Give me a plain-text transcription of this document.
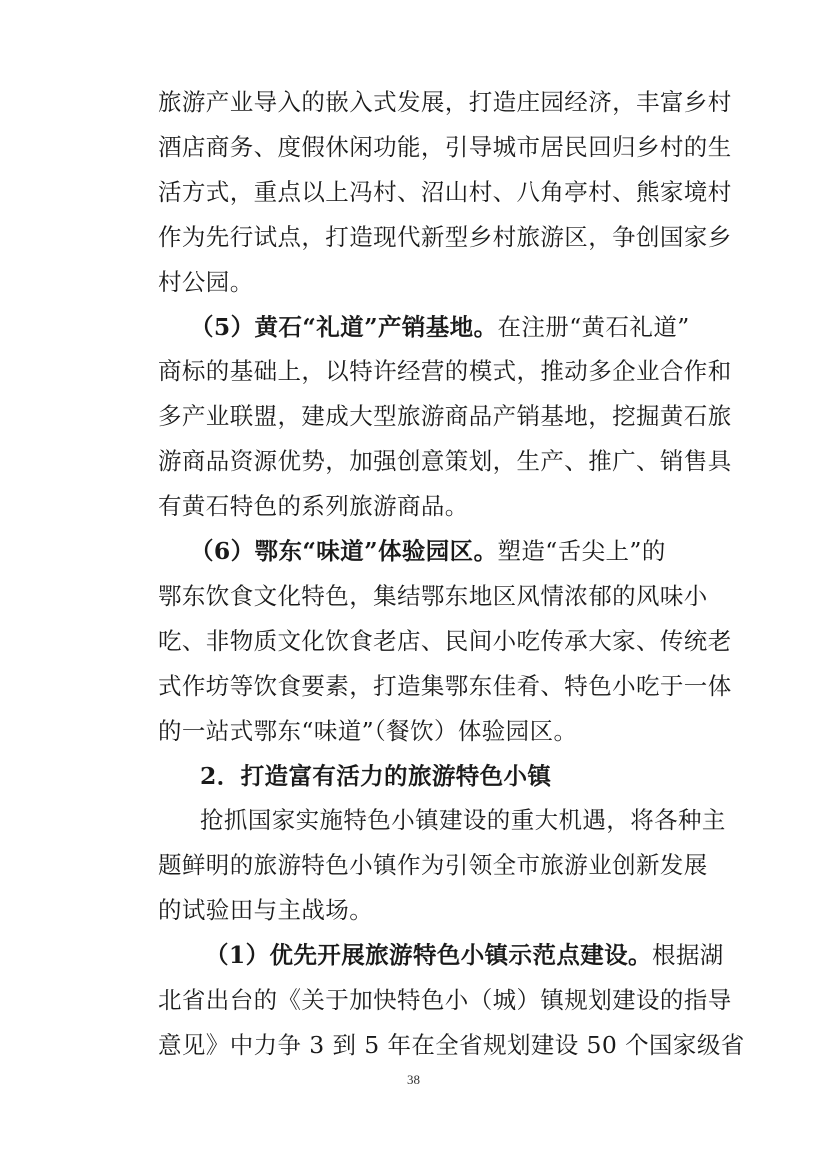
旅游产业导入的嵌入式发展，打造庄园经济，丰富乡村
酒店商务、度假休闲功能，引导城市居民回归乡村的生
活方式，重点以上冯村、沼山村、八角亭村、熊家境村
作为先行试点，打造现代新型乡村旅游区，争创国家乡
村公园。
（5）黄石“礼道”产销基地。在注册“黄石礼道”
商标的基础上，以特许经营的模式，推动多企业合作和
多产业联盟，建成大型旅游商品产销基地，挖掘黄石旅
游商品资源优势，加强创意策划，生产、推广、销售具
有黄石特色的系列旅游商品。
（6）鄂东“味道”体验园区。塑造“舌尖上”的
鄂东饮食文化特色，集结鄂东地区风情浓郁的风味小
吃、非物质文化饮食老店、民间小吃传承大家、传统老
式作坊等饮食要素，打造集鄂东佳肴、特色小吃于一体
的一站式鄂东“味道”（餐饮）体验园区。
2．打造富有活力的旅游特色小镇
抢抓国家实施特色小镇建设的重大机遇，将各种主
题鲜明的旅游特色小镇作为引领全市旅游业创新发展
的试验田与主战场。
（1）优先开展旅游特色小镇示范点建设。根据湖
北省出台的《关于加快特色小（城）镇规划建设的指导
意见》中力争 3 到 5 年在全省规划建设 50 个国家级省
38
